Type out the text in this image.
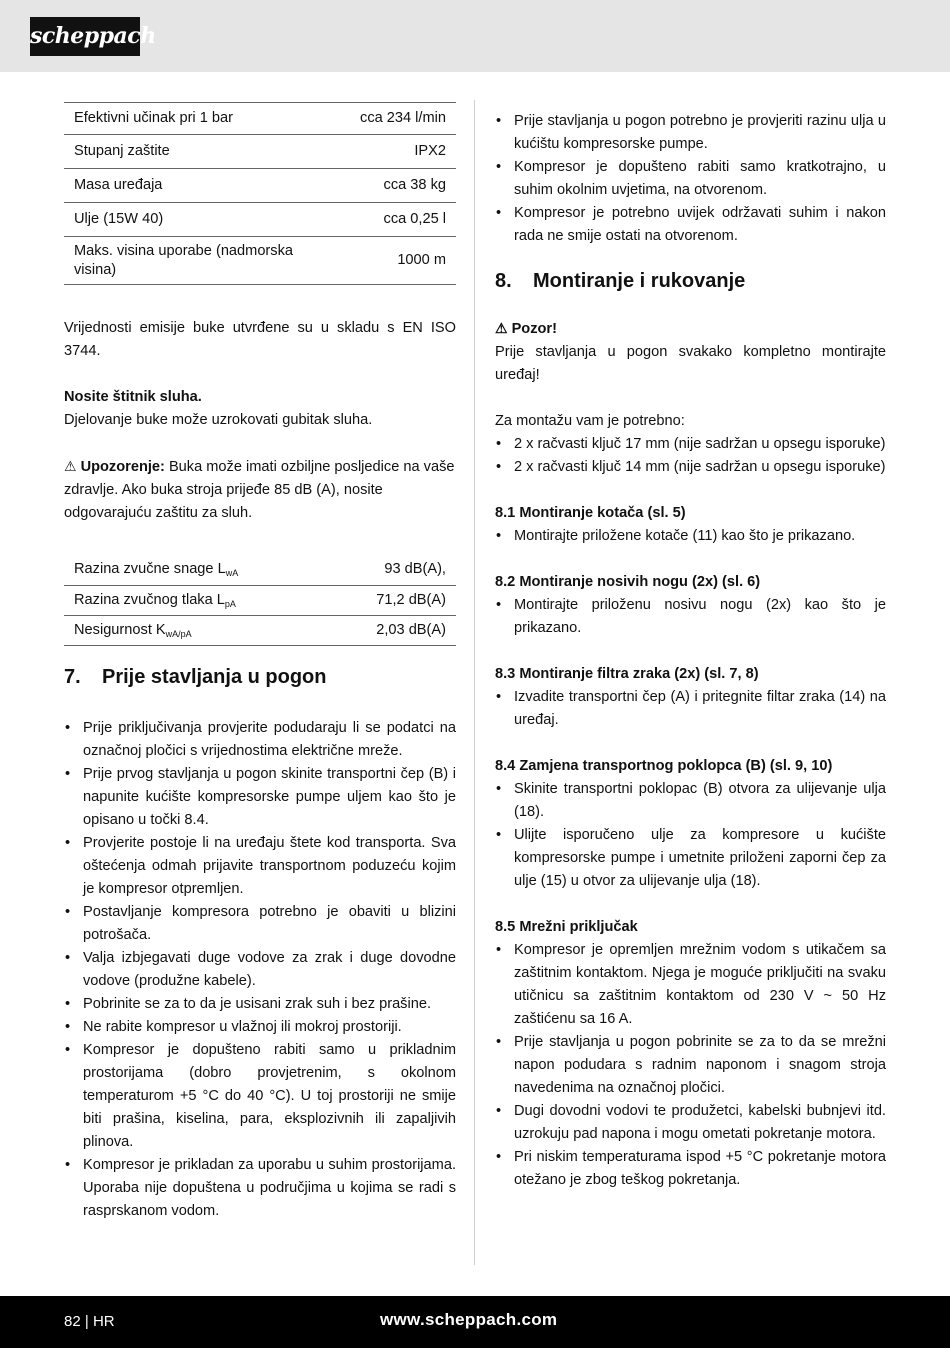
scheppach
Efektivni učinak pri 1 bar	cca 234 l/min
Stupanj zaštite	IPX2
Masa uređaja	cca 38 kg
Ulje (15W 40)	cca 0,25 l
Maks. visina uporabe (nadmorska visina)	1000 m

Vrijednosti emisije buke utvrđene su u skladu s EN ISO 3744.

Nosite štitnik sluha.
Djelovanje buke može uzrokovati gubitak sluha.

⚠ Upozorenje: Buka može imati ozbiljne posljedice na vaše zdravlje. Ako buka stroja prijeđe 85 dB (A), nosite odgovarajuću zaštitu za sluh.

Razina zvučne snage $L_{wA}$	93 dB(A),
Razina zvučnog tlaka $L_{pA}$	71,2 dB(A)
Nesigurnost $K_{wA/pA}$	2,03 dB(A)
7. Prije stavljanja u pogon
• Prije priključivanja provjerite podudaraju li se podatci na označnoj pločici s vrijednostima električne mreže.
• Prije prvog stavljanja u pogon skinite transportni čep (B) i napunite kućište kompresorske pumpe uljem kao što je opisano u točki 8.4.
• Provjerite postoje li na uređaju štete kod transporta. Sva oštećenja odmah prijavite transportnom poduzeću kojim je kompresor otpremljen.
• Postavljanje kompresora potrebno je obaviti u blizini potrošača.
• Valja izbjegavati duge vodove za zrak i duge dovodne vodove (produžne kabele).
• Pobrinite se za to da je usisani zrak suh i bez prašine.
• Ne rabite kompresor u vlažnoj ili mokroj prostoriji.
• Kompresor je dopušteno rabiti samo u prikladnim prostorijama (dobro provjetrenim, s okolnom temperaturom +5 °C do 40 °C). U toj prostoriji ne smije biti prašina, kiselina, para, eksplozivnih ili zapaljivih plinova.
• Kompresor je prikladan za uporabu u suhim prostorijama. Uporaba nije dopuštena u područjima u kojima se radi s rasprskanom vodom.
• Prije stavljanja u pogon potrebno je provjeriti razinu ulja u kućištu kompresorske pumpe.
• Kompresor je dopušteno rabiti samo kratkotrajno, u suhim okolnim uvjetima, na otvorenom.
• Kompresor je potrebno uvijek održavati suhim i nakon rada ne smije ostati na otvorenom.
8. Montiranje i rukovanje
⚠ Pozor!

Prije stavljanja u pogon svakako kompletno montirajte uređaj!

Za montažu vam je potrebno:

• 2 x račvasti ključ 17 mm (nije sadržan u opsegu isporuke)
• 2 x račvasti ključ 14 mm (nije sadržan u opsegu isporuke)
8.1 Montiranje kotača (sl. 5)
• Montirajte priložene kotače (11) kao što je prikazano.
8.2 Montiranje nosivih nogu (2x) (sl. 6)
• Montirajte priloženu nosivu nogu (2x) kao što je prikazano.
8.3 Montiranje filtra zraka (2x) (sl. 7, 8)
• Izvadite transportni čep (A) i pritegnite filtar zraka (14) na uređaj.
8.4 Zamjena transportnog poklopca (B) (sl. 9, 10)
• Skinite transportni poklopac (B) otvora za ulijevanje ulja (18).
• Ulijte isporučeno ulje za kompresore u kućište kompresorske pumpe i umetnite priloženi zaporni čep za ulje (15) u otvor za ulijevanje ulja (18).
8.5 Mrežni priključak
• Kompresor je opremljen mrežnim vodom s utikačem sa zaštitnim kontaktom. Njega je moguće priključiti na svaku utičnicu sa zaštitnim kontaktom od 230 V ~ 50 Hz zaštićenu sa 16 A.
• Prije stavljanja u pogon pobrinite se za to da se mrežni napon podudara s radnim naponom i snagom stroja navedenima na označnoj pločici.
• Dugi dovodni vodovi te produžetci, kabelski bubnjevi itd. uzrokuju pad napona i mogu ometati pokretanje motora.
• Pri niskim temperaturama ispod +5 °C pokretanje motora otežano je zbog teškog pokretanja.
82 | HR	www.scheppach.com
